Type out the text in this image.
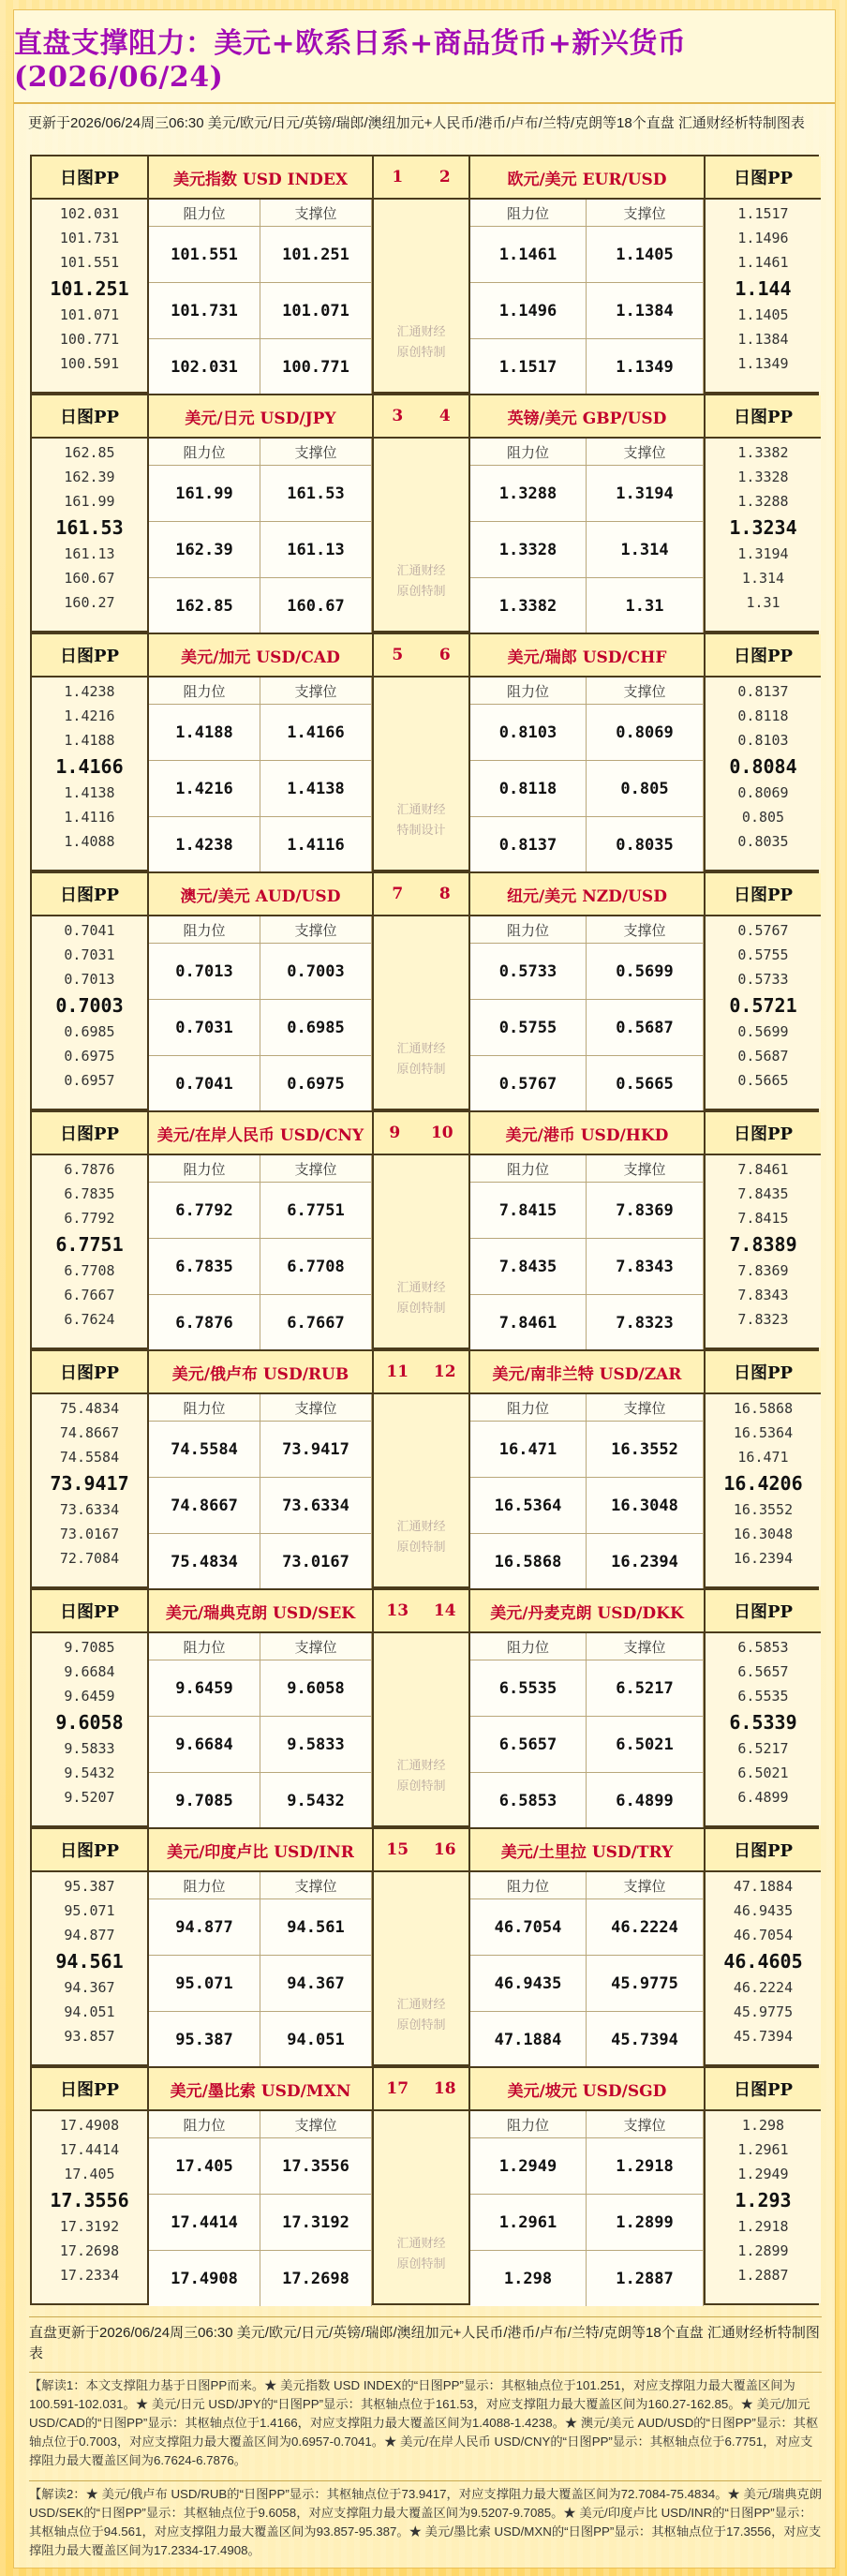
直盘支撑阻力：美元+欧系日系+商品货币+新兴货币(2026/06/24)
更新于2026/06/24周三06:30 美元/欧元/日元/英镑/瑞郎/澳纽加元+人民币/港币/卢布/兰特/克朗等18个直盘 汇通财经析特制图表
日图PP
102.031
101.731
101.551
101.251
101.071
100.771
100.591
美元指数 USD INDEX
阻力位	支撑位
101.551	101.251
101.731	101.071
102.031	100.771
1 2
汇通财经
原创特制
欧元/美元 EUR/USD
阻力位	支撑位
1.1461	1.1405
1.1496	1.1384
1.1517	1.1349
日图PP
1.1517
1.1496
1.1461
1.144
1.1405
1.1384
1.1349
日图PP
162.85
162.39
161.99
161.53
161.13
160.67
160.27
美元/日元 USD/JPY
阻力位	支撑位
161.99	161.53
162.39	161.13
162.85	160.67
3 4
汇通财经
原创特制
英镑/美元 GBP/USD
阻力位	支撑位
1.3288	1.3194
1.3328	1.314
1.3382	1.31
日图PP
1.3382
1.3328
1.3288
1.3234
1.3194
1.314
1.31
日图PP
1.4238
1.4216
1.4188
1.4166
1.4138
1.4116
1.4088
美元/加元 USD/CAD
阻力位	支撑位
1.4188	1.4166
1.4216	1.4138
1.4238	1.4116
5 6
汇通财经
特制设计
美元/瑞郎 USD/CHF
阻力位	支撑位
0.8103	0.8069
0.8118	0.805
0.8137	0.8035
日图PP
0.8137
0.8118
0.8103
0.8084
0.8069
0.805
0.8035
日图PP
0.7041
0.7031
0.7013
0.7003
0.6985
0.6975
0.6957
澳元/美元 AUD/USD
阻力位	支撑位
0.7013	0.7003
0.7031	0.6985
0.7041	0.6975
7 8
汇通财经
原创特制
纽元/美元 NZD/USD
阻力位	支撑位
0.5733	0.5699
0.5755	0.5687
0.5767	0.5665
日图PP
0.5767
0.5755
0.5733
0.5721
0.5699
0.5687
0.5665
日图PP
6.7876
6.7835
6.7792
6.7751
6.7708
6.7667
6.7624
美元/在岸人民币 USD/CNY
阻力位	支撑位
6.7792	6.7751
6.7835	6.7708
6.7876	6.7667
9 10
汇通财经
原创特制
美元/港币 USD/HKD
阻力位	支撑位
7.8415	7.8369
7.8435	7.8343
7.8461	7.8323
日图PP
7.8461
7.8435
7.8415
7.8389
7.8369
7.8343
7.8323
日图PP
75.4834
74.8667
74.5584
73.9417
73.6334
73.0167
72.7084
美元/俄卢布 USD/RUB
阻力位	支撑位
74.5584	73.9417
74.8667	73.6334
75.4834	73.0167
11 12
汇通财经
原创特制
美元/南非兰特 USD/ZAR
阻力位	支撑位
16.471	16.3552
16.5364	16.3048
16.5868	16.2394
日图PP
16.5868
16.5364
16.471
16.4206
16.3552
16.3048
16.2394
日图PP
9.7085
9.6684
9.6459
9.6058
9.5833
9.5432
9.5207
美元/瑞典克朗 USD/SEK
阻力位	支撑位
9.6459	9.6058
9.6684	9.5833
9.7085	9.5432
13 14
汇通财经
原创特制
美元/丹麦克朗 USD/DKK
阻力位	支撑位
6.5535	6.5217
6.5657	6.5021
6.5853	6.4899
日图PP
6.5853
6.5657
6.5535
6.5339
6.5217
6.5021
6.4899
日图PP
95.387
95.071
94.877
94.561
94.367
94.051
93.857
美元/印度卢比 USD/INR
阻力位	支撑位
94.877	94.561
95.071	94.367
95.387	94.051
15 16
汇通财经
原创特制
美元/土里拉 USD/TRY
阻力位	支撑位
46.7054	46.2224
46.9435	45.9775
47.1884	45.7394
日图PP
47.1884
46.9435
46.7054
46.4605
46.2224
45.9775
45.7394
日图PP
17.4908
17.4414
17.405
17.3556
17.3192
17.2698
17.2334
美元/墨比索 USD/MXN
阻力位	支撑位
17.405	17.3556
17.4414	17.3192
17.4908	17.2698
17 18
汇通财经
原创特制
美元/坡元 USD/SGD
阻力位	支撑位
1.2949	1.2918
1.2961	1.2899
1.298	1.2887
日图PP
1.298
1.2961
1.2949
1.293
1.2918
1.2899
1.2887
直盘更新于2026/06/24周三06:30 美元/欧元/日元/英镑/瑞郎/澳纽加元+人民币/港币/卢布/兰特/克朗等18个直盘 汇通财经析特制图表
【解读1：本文支撑阻力基于日图PP而来。★ 美元指数 USD INDEX的“日图PP”显示：其枢轴点位于101.251，对应支撑阻力最大覆盖区间为100.591-102.031。★ 美元/日元 USD/JPY的“日图PP”显示：其枢轴点位于161.53，对应支撑阻力最大覆盖区间为160.27-162.85。★ 美元/加元 USD/CAD的“日图PP”显示：其枢轴点位于1.4166，对应支撑阻力最大覆盖区间为1.4088-1.4238。★ 澳元/美元 AUD/USD的“日图PP”显示：其枢轴点位于0.7003，对应支撑阻力最大覆盖区间为0.6957-0.7041。★ 美元/在岸人民币 USD/CNY的“日图PP”显示：其枢轴点位于6.7751，对应支撑阻力最大覆盖区间为6.7624-6.7876。
【解读2：★ 美元/俄卢布 USD/RUB的“日图PP”显示：其枢轴点位于73.9417，对应支撑阻力最大覆盖区间为72.7084-75.4834。★ 美元/瑞典克朗 USD/SEK的“日图PP”显示：其枢轴点位于9.6058，对应支撑阻力最大覆盖区间为9.5207-9.7085。★ 美元/印度卢比 USD/INR的“日图PP”显示：其枢轴点位于94.561，对应支撑阻力最大覆盖区间为93.857-95.387。★ 美元/墨比索 USD/MXN的“日图PP”显示：其枢轴点位于17.3556，对应支撑阻力最大覆盖区间为17.2334-17.4908。
